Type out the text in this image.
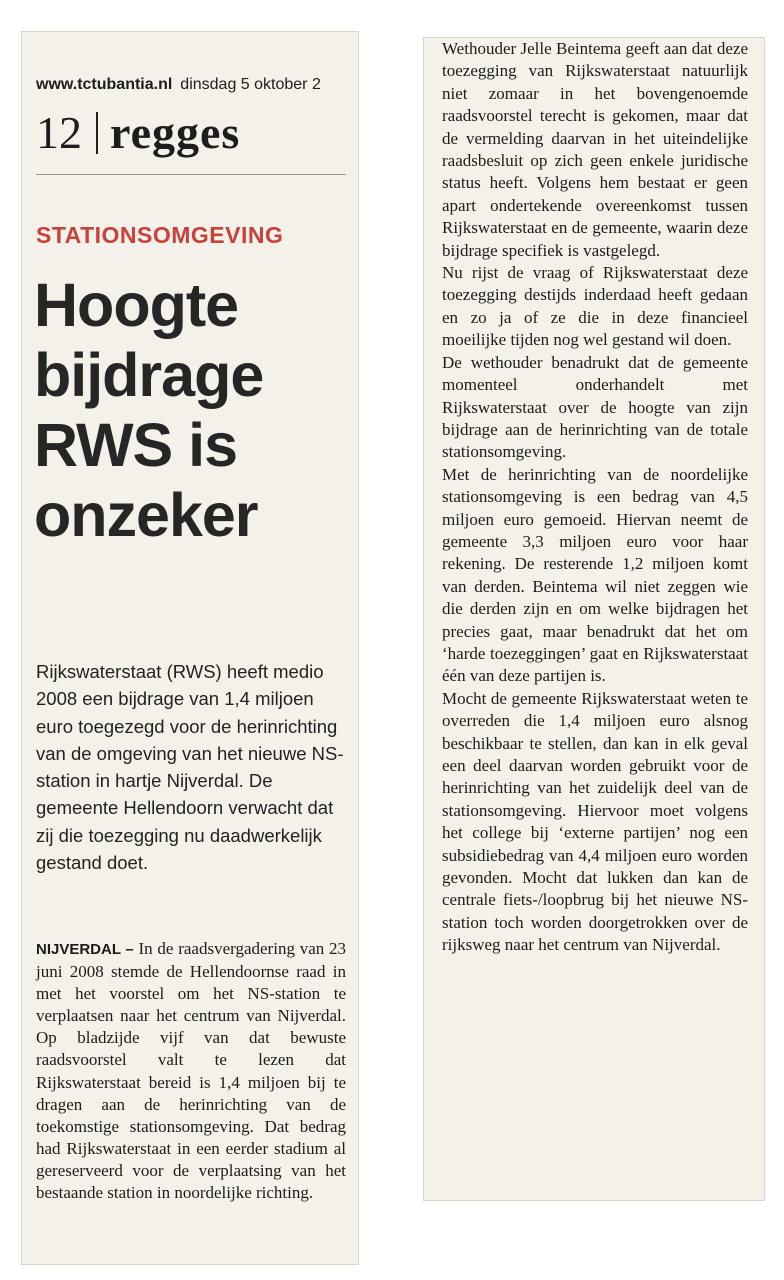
www.tctubantia.nl dinsdag 5 oktober 2
12 regges
STATIONSOMGEVING
Hoogte bijdrage RWS is onzeker
Rijkswaterstaat (RWS) heeft medio 2008 een bijdrage van 1,4 miljoen euro toegezegd voor de herinrichting van de omgeving van het nieuwe NS-station in hartje Nijverdal. De gemeente Hellendoorn verwacht dat zij die toezegging nu daadwerkelijk gestand doet.
NIJVERDAL – In de raadsvergadering van 23 juni 2008 stemde de Hellendoornse raad in met het voorstel om het NS-station te verplaatsen naar het centrum van Nijverdal. Op bladzijde vijf van dat bewuste raadsvoorstel valt te lezen dat Rijkswaterstaat bereid is 1,4 miljoen bij te dragen aan de herinrichting van de toekomstige stationsomgeving. Dat bedrag had Rijkswaterstaat in een eerder stadium al gereserveerd voor de verplaatsing van het bestaande station in noordelijke richting.

Wethouder Jelle Beintema geeft aan dat deze toezegging van Rijkswaterstaat natuurlijk niet zomaar in het bovengenoemde raadsvoorstel terecht is gekomen, maar dat de vermelding daarvan in het uiteindelijke raadsbesluit op zich geen enkele juridische status heeft. Volgens hem bestaat er geen apart ondertekende overeenkomst tussen Rijkswaterstaat en de gemeente, waarin deze bijdrage specifiek is vastgelegd.

Nu rijst de vraag of Rijkswaterstaat deze toezegging destijds inderdaad heeft gedaan en zo ja of ze die in deze financieel moeilijke tijden nog wel gestand wil doen.

De wethouder benadrukt dat de gemeente momenteel onderhandelt met Rijkswaterstaat over de hoogte van zijn bijdrage aan de herinrichting van de totale stationsomgeving.

Met de herinrichting van de noordelijke stationsomgeving is een bedrag van 4,5 miljoen euro gemoeid. Hiervan neemt de gemeente 3,3 miljoen euro voor haar rekening. De resterende 1,2 miljoen komt van derden. Beintema wil niet zeggen wie die derden zijn en om welke bijdragen het precies gaat, maar benadrukt dat het om ‘harde toezeggingen’ gaat en Rijkswaterstaat één van deze partijen is.

Mocht de gemeente Rijkswaterstaat weten te overreden die 1,4 miljoen euro alsnog beschikbaar te stellen, dan kan in elk geval een deel daarvan worden gebruikt voor de herinrichting van het zuidelijk deel van de stationsomgeving. Hiervoor moet volgens het college bij ‘externe partijen’ nog een subsidiebedrag van 4,4 miljoen euro worden gevonden. Mocht dat lukken dan kan de centrale fiets-/loopbrug bij het nieuwe NS-station toch worden doorgetrokken over de rijksweg naar het centrum van Nijverdal.
